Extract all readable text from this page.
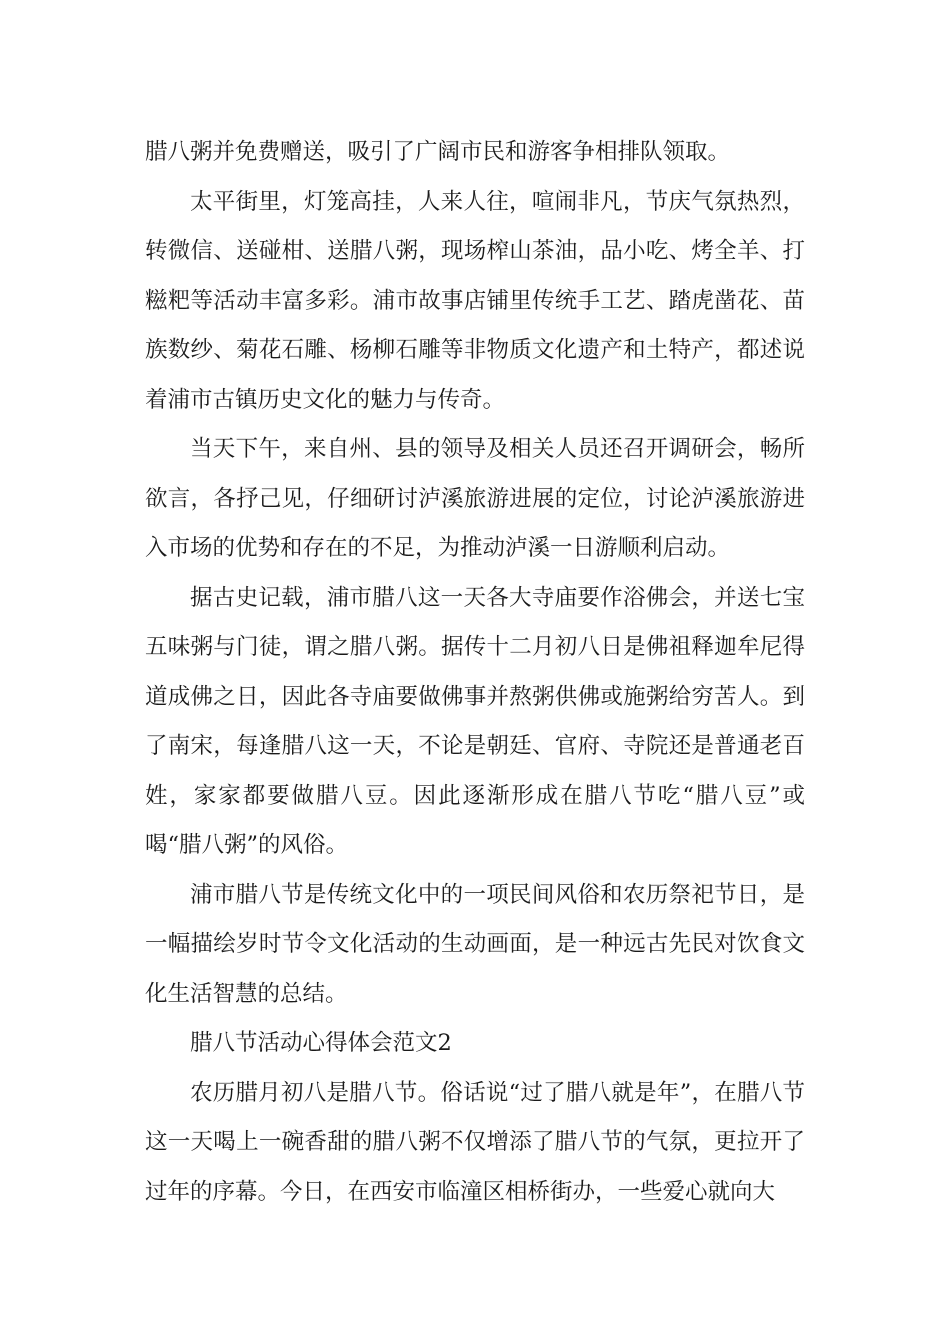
腊八粥并免费赠送，吸引了广阔市民和游客争相排队领取。

太平街里，灯笼高挂，人来人往，喧闹非凡，节庆气氛热烈，转微信、送碰柑、送腊八粥，现场榨山茶油，品小吃、烤全羊、打糍粑等活动丰富多彩。浦市故事店铺里传统手工艺、踏虎凿花、苗族数纱、菊花石雕、杨柳石雕等非物质文化遗产和土特产，都述说着浦市古镇历史文化的魅力与传奇。

当天下午，来自州、县的领导及相关人员还召开调研会，畅所欲言，各抒己见，仔细研讨泸溪旅游进展的定位，讨论泸溪旅游进入市场的优势和存在的不足，为推动泸溪一日游顺利启动。

据古史记载，浦市腊八这一天各大寺庙要作浴佛会，并送七宝五味粥与门徒，谓之腊八粥。据传十二月初八日是佛祖释迦牟尼得道成佛之日，因此各寺庙要做佛事并熬粥供佛或施粥给穷苦人。到了南宋，每逢腊八这一天，不论是朝廷、官府、寺院还是普通老百姓，家家都要做腊八豆。因此逐渐形成在腊八节吃“腊八豆”或喝“腊八粥”的风俗。

浦市腊八节是传统文化中的一项民间风俗和农历祭祀节日，是一幅描绘岁时节令文化活动的生动画面，是一种远古先民对饮食文化生活智慧的总结。

腊八节活动心得体会范文2

农历腊月初八是腊八节。俗话说“过了腊八就是年”，在腊八节这一天喝上一碗香甜的腊八粥不仅增添了腊八节的气氛，更拉开了过年的序幕。今日，在西安市临潼区相桥街办，一些爱心就向大
